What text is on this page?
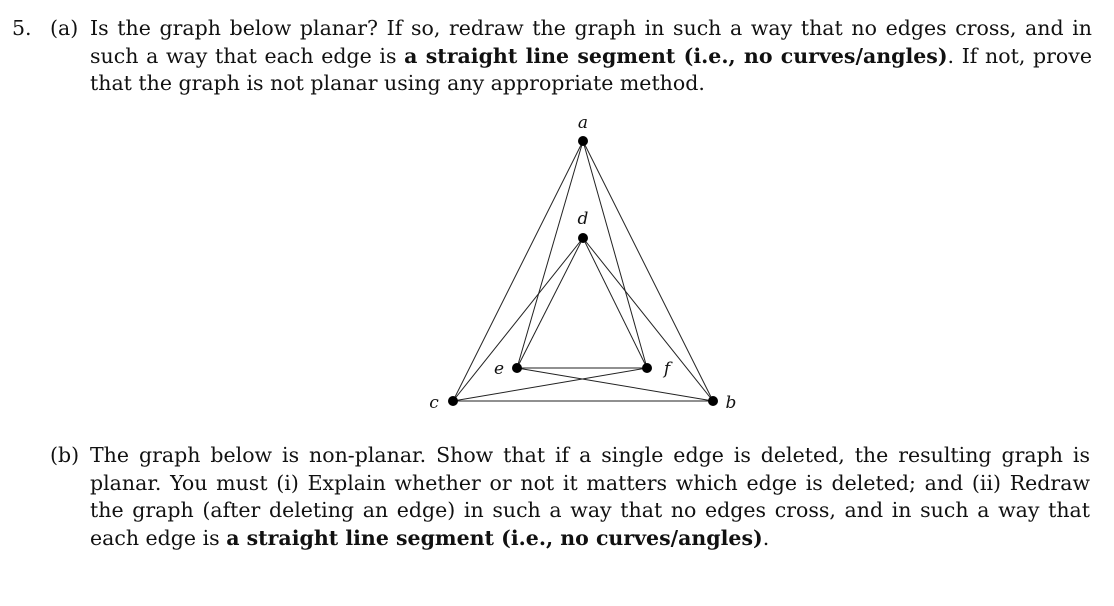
5. (a) Is the graph below planar? If so, redraw the graph in such a way that no edges cross, and in such a way that each edge is a straight line segment (i.e., no curves/angles). If not, prove that the graph is not planar using any appropriate method.
a
b
c
d
e	f
(b) The graph below is non-planar. Show that if a single edge is deleted, the resulting graph is planar. You must (i) Explain whether or not it matters which edge is deleted; and (ii) Redraw the graph (after deleting an edge) in such a way that no edges cross, and in such a way that each edge is a straight line segment (i.e., no curves/angles).
